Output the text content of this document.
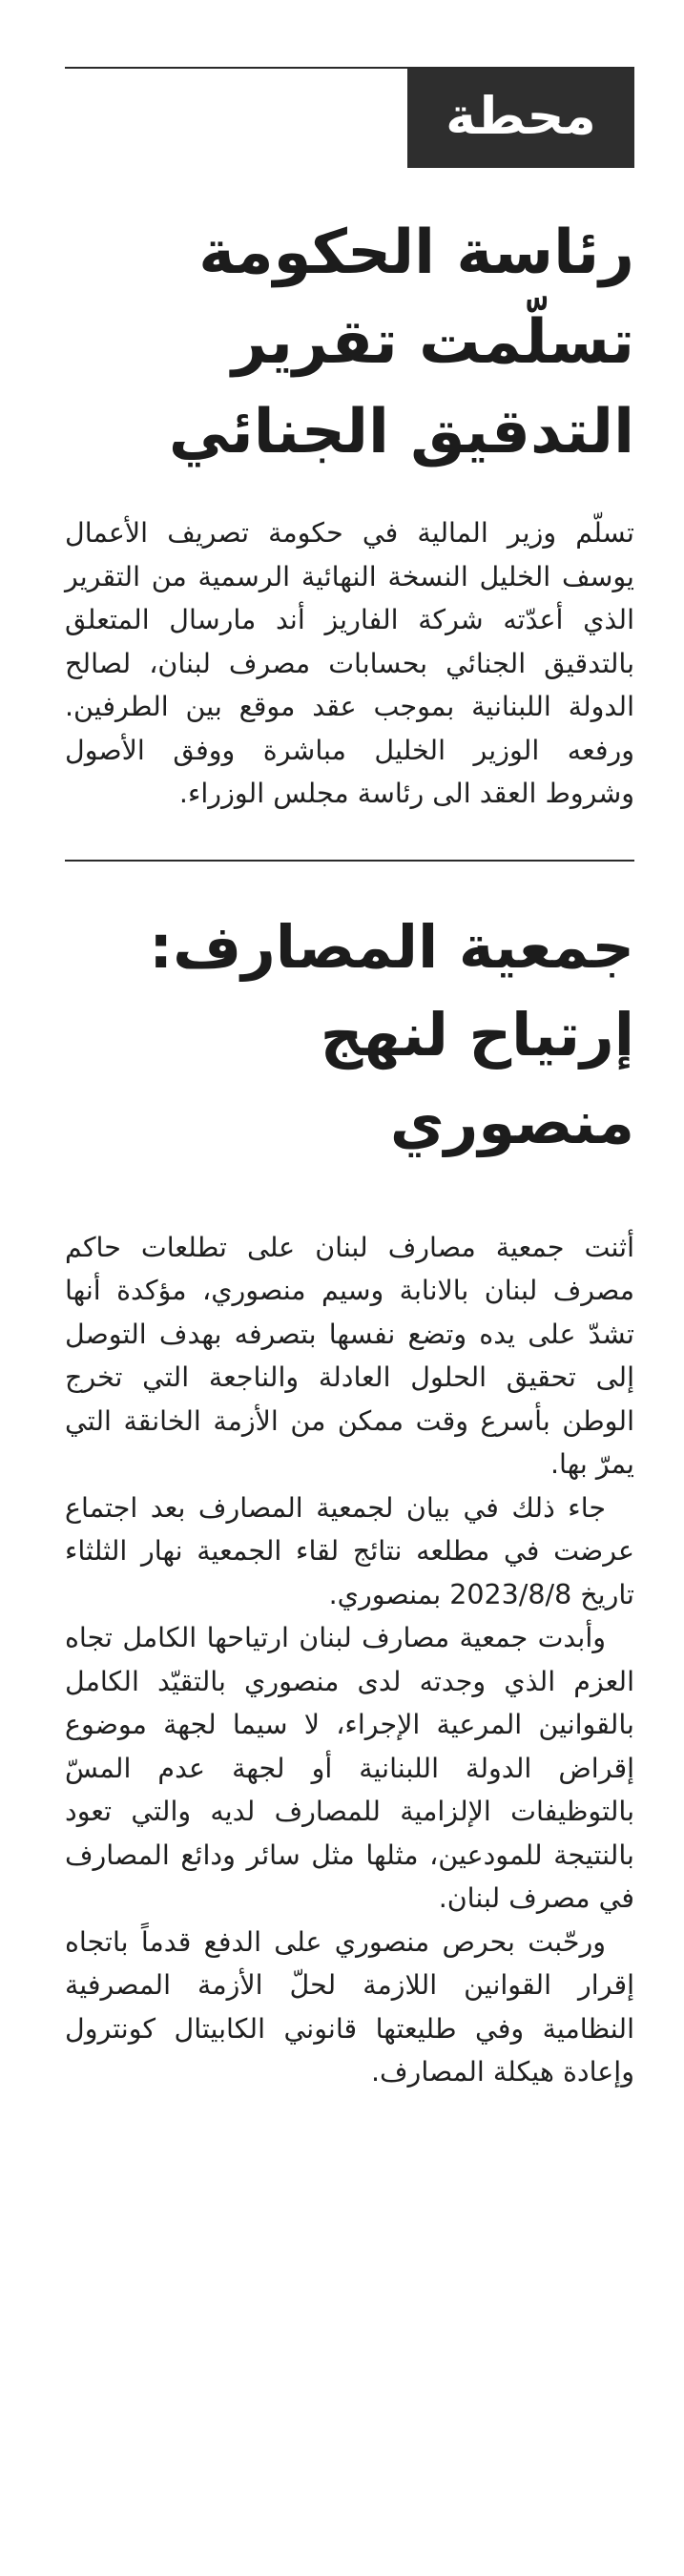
محطة
رئاسة الحكومة تسلّمت تقرير التدقيق الجنائي

تسلّم وزير المالية في حكومة تصريف الأعمال يوسف الخليل النسخة النهائية الرسمية من التقرير الذي أعدّته شركة الفاريز أند مارسال المتعلق بالتدقيق الجنائي بحسابات مصرف لبنان، لصالح الدولة اللبنانية بموجب عقد موقع بين الطرفين. ورفعه الوزير الخليل مباشرة ووفق الأصول وشروط العقد الى رئاسة مجلس الوزراء.

جمعية المصارف: إرتياح لنهج منصوري

أثنت جمعية مصارف لبنان على تطلعات حاكم مصرف لبنان بالانابة وسيم منصوري، مؤكدة أنها تشدّ على يده وتضع نفسها بتصرفه بهدف التوصل إلى تحقيق الحلول العادلة والناجعة التي تخرج الوطن بأسرع وقت ممكن من الأزمة الخانقة التي يمرّ بها.

جاء ذلك في بيان لجمعية المصارف بعد اجتماع عرضت في مطلعه نتائج لقاء الجمعية نهار الثلثاء تاريخ 2023/8/8 بمنصوري.

وأبدت جمعية مصارف لبنان ارتياحها الكامل تجاه العزم الذي وجدته لدى منصوري بالتقيّد الكامل بالقوانين المرعية الإجراء، لا سيما لجهة موضوع إقراض الدولة اللبنانية أو لجهة عدم المسّ بالتوظيفات الإلزامية للمصارف لديه والتي تعود بالنتيجة للمودعين، مثلها مثل سائر ودائع المصارف في مصرف لبنان.

ورحّبت بحرص منصوري على الدفع قدماً باتجاه إقرار القوانين اللازمة لحلّ الأزمة المصرفية النظامية وفي طليعتها قانوني الكابيتال كونترول وإعادة هيكلة المصارف.
